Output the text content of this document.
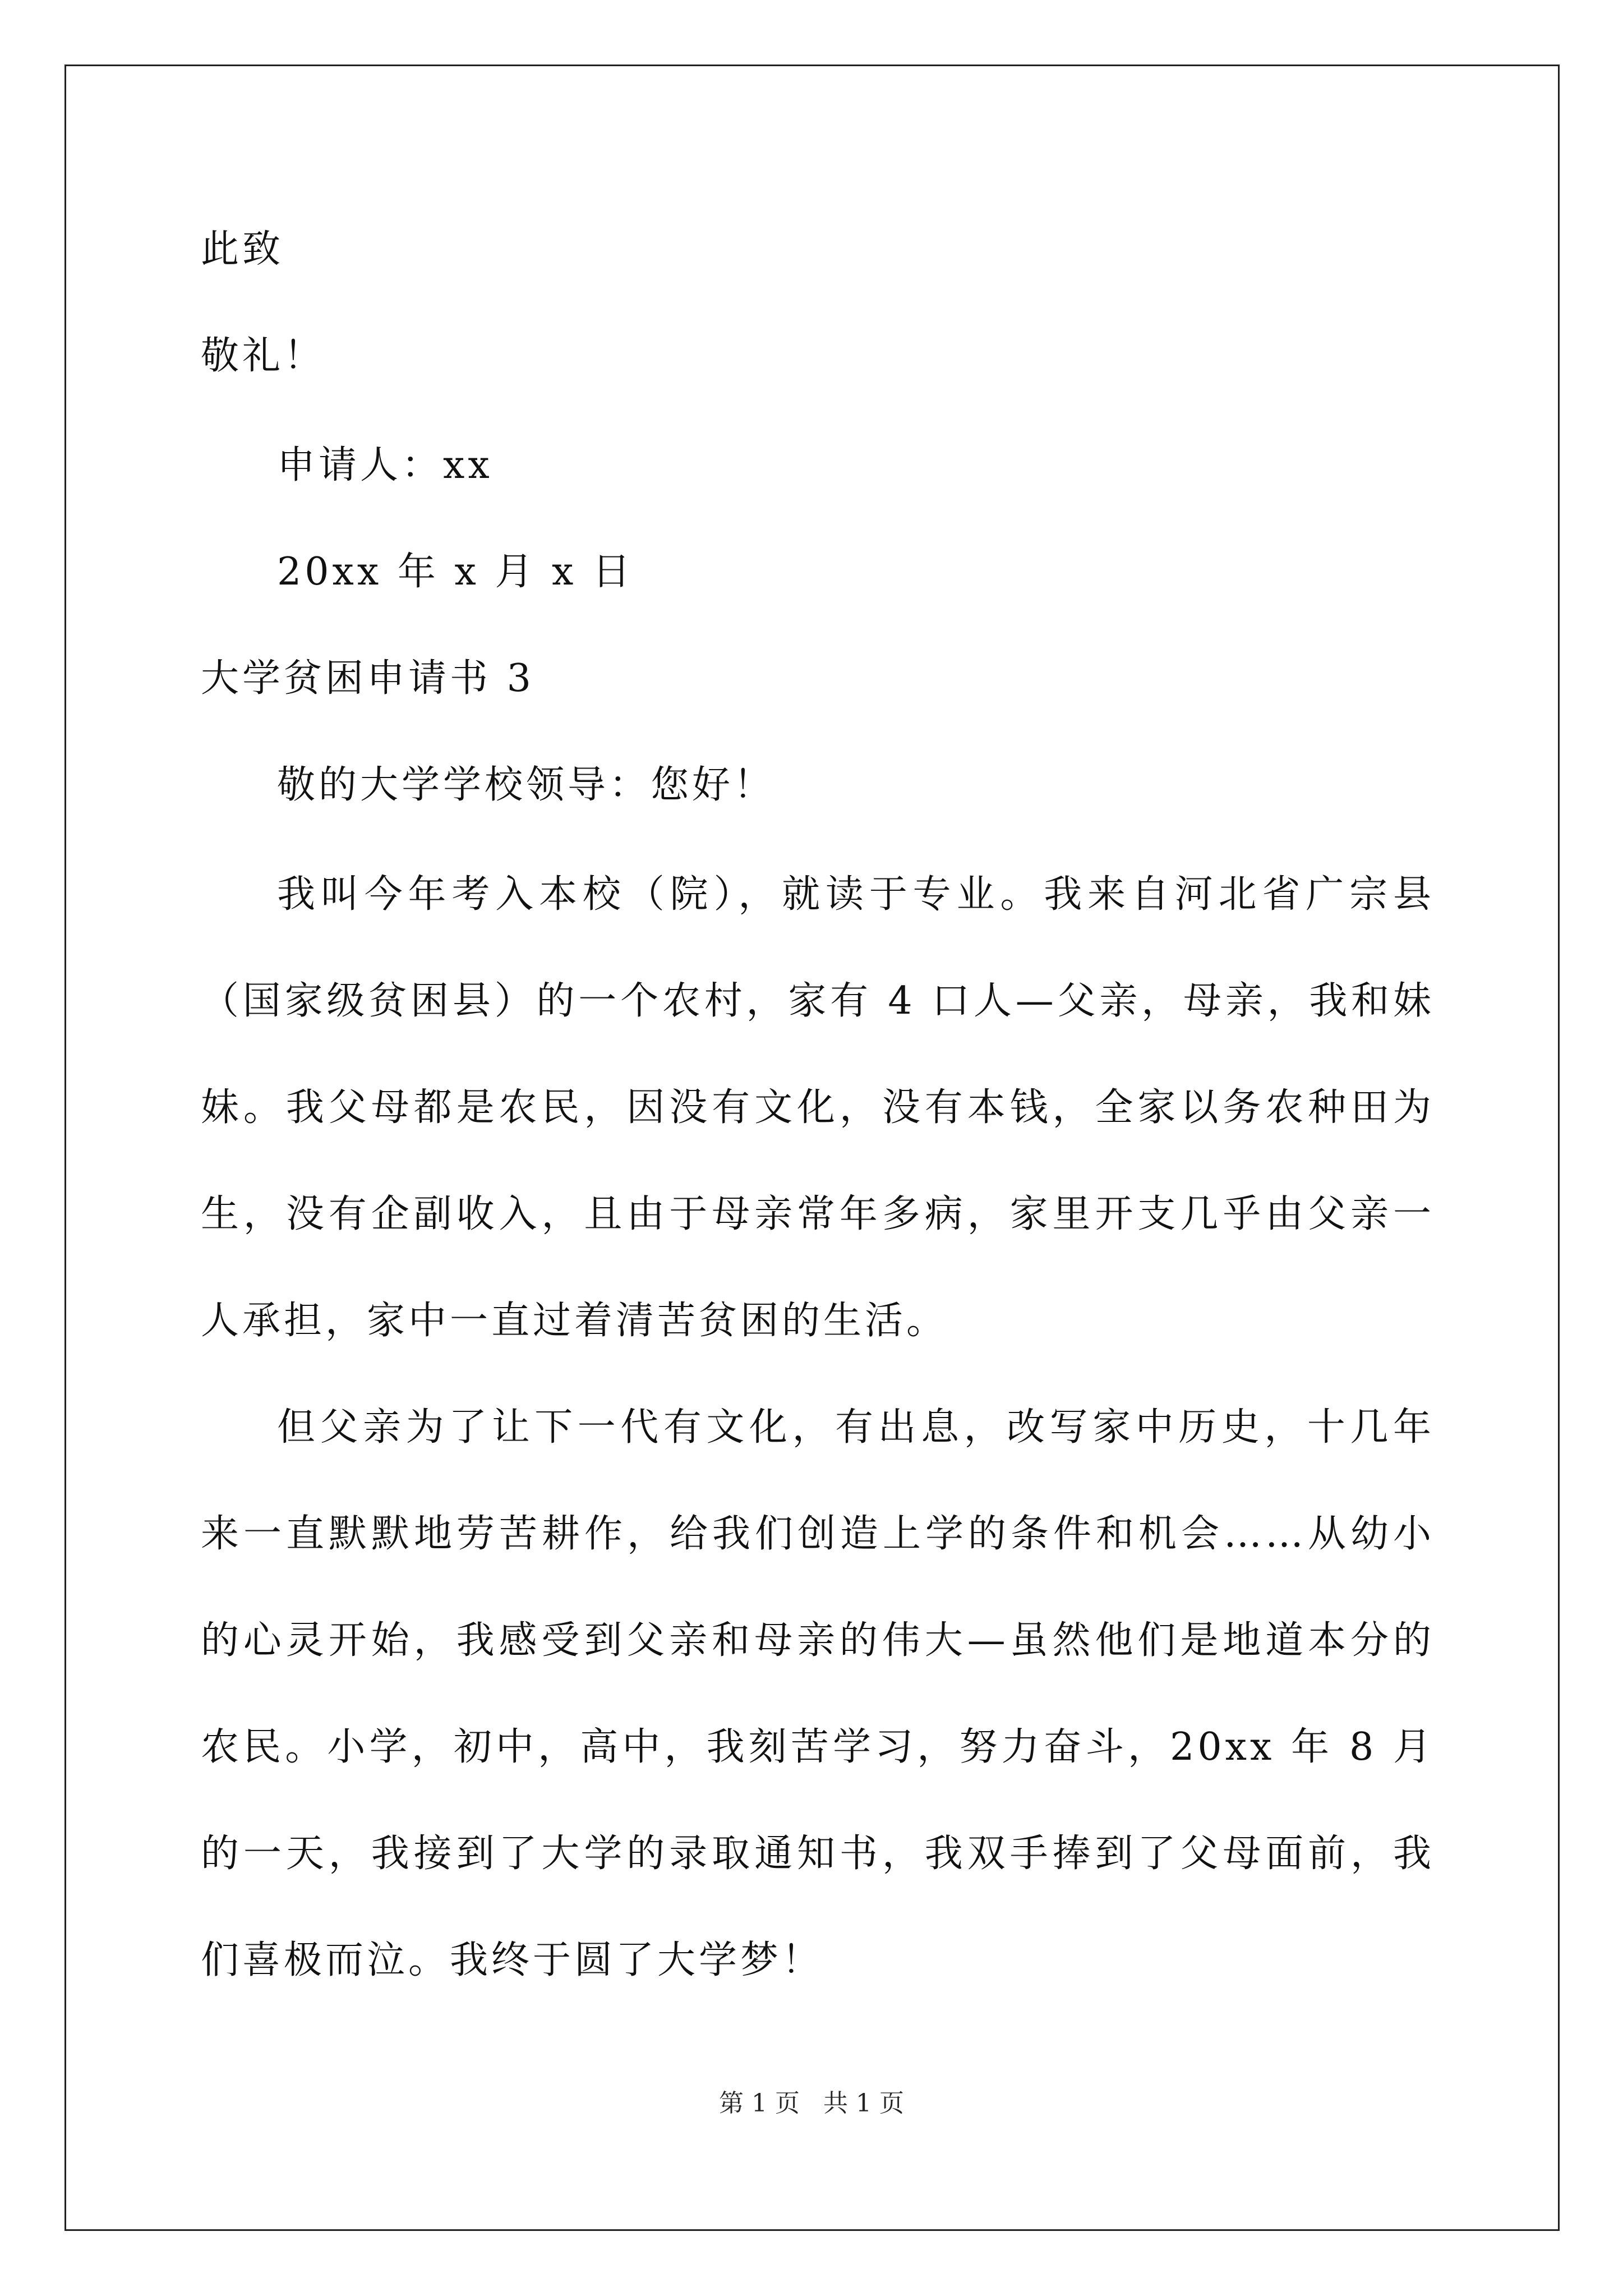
此致
敬礼！
申请人：xx
20xx 年 x 月 x 日
大学贫困申请书 3
敬的大学学校领导：您好！
我叫今年考入本校（院），就读于专业。我来自河北省广宗县（国家级贫困县）的一个农村，家有 4 口人—父亲，母亲，我和妹妹。我父母都是农民，因没有文化，没有本钱，全家以务农种田为生，没有企副收入，且由于母亲常年多病，家里开支几乎由父亲一人承担，家中一直过着清苦贫困的生活。
但父亲为了让下一代有文化，有出息，改写家中历史，十几年来一直默默地劳苦耕作，给我们创造上学的条件和机会……从幼小的心灵开始，我感受到父亲和母亲的伟大—虽然他们是地道本分的农民。小学，初中，高中，我刻苦学习，努力奋斗，20xx 年 8 月的一天，我接到了大学的录取通知书，我双手捧到了父母面前，我们喜极而泣。我终于圆了大学梦！
第 1 页 共 1 页
